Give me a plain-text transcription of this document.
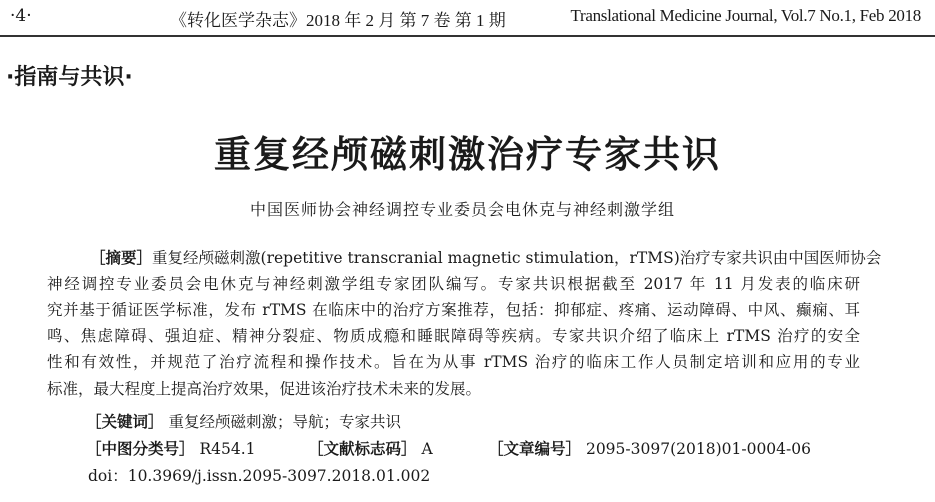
·4·	《转化医学杂志》2018 年 2 月 第 7 卷 第 1 期	Translational Medicine Journal, Vol.7 No.1, Feb 2018
·指南与共识·
重复经颅磁刺激治疗专家共识
中国医师协会神经调控专业委员会电休克与神经刺激学组
［摘要］重复经颅磁刺激(repetitive transcranial magnetic stimulation，rTMS)治疗专家共识由中国医师协会
神经调控专业委员会电休克与神经刺激学组专家团队编写。专家共识根据截至 2017 年 11 月发表的临床研
究并基于循证医学标准，发布 rTMS 在临床中的治疗方案推荐，包括：抑郁症、疼痛、运动障碍、中风、癫痫、耳
鸣、焦虑障碍、强迫症、精神分裂症、物质成瘾和睡眠障碍等疾病。专家共识介绍了临床上 rTMS 治疗的安全
性和有效性，并规范了治疗流程和操作技术。旨在为从事 rTMS 治疗的临床工作人员制定培训和应用的专业
标准，最大程度上提高治疗效果，促进该治疗技术未来的发展。
［关键词］ 重复经颅磁刺激；导航；专家共识
［中图分类号］ R454.1	［文献标志码］ A	［文章编号］ 2095-3097(2018)01-0004-06
doi：10.3969/j.issn.2095-3097.2018.01.002
